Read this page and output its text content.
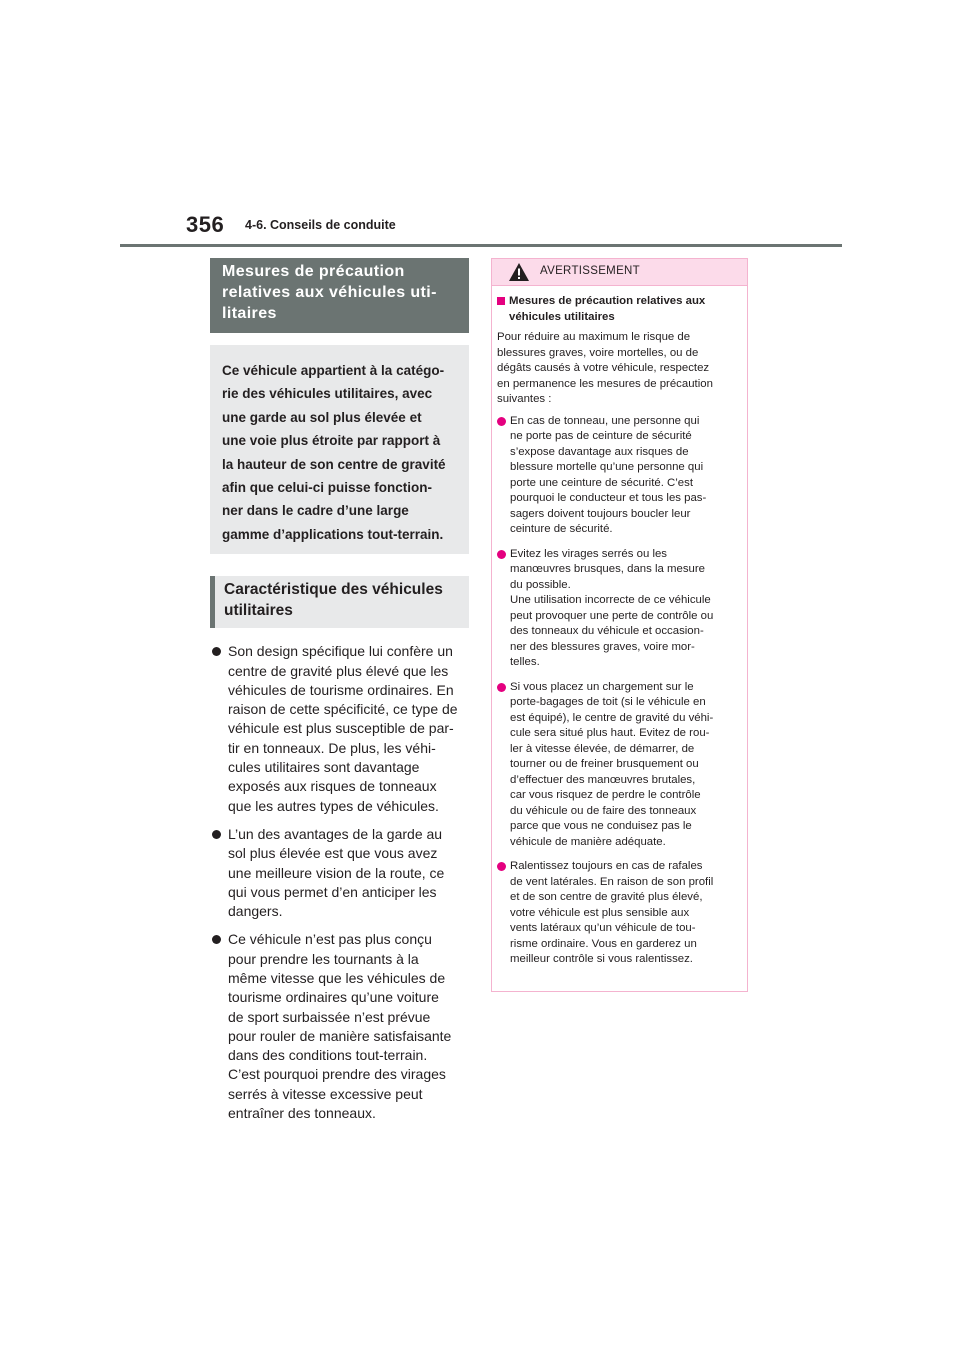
356 4-6. Conseils de conduite
Mesures de précaution
relatives aux véhicules uti-
litaires
Ce véhicule appartient à la catégo-
rie des véhicules utilitaires, avec
une garde au sol plus élevée et
une voie plus étroite par rapport à
la hauteur de son centre de gravité
afin que celui-ci puisse fonction-
ner dans le cadre d’une large
gamme d’applications tout-terrain.
Caractéristique des véhicules
utilitaires
Son design spécifique lui confère un
centre de gravité plus élevé que les
véhicules de tourisme ordinaires. En
raison de cette spécificité, ce type de
véhicule est plus susceptible de par-
tir en tonneaux. De plus, les véhi-
cules utilitaires sont davantage
exposés aux risques de tonneaux
que les autres types de véhicules.
L’un des avantages de la garde au
sol plus élevée est que vous avez
une meilleure vision de la route, ce
qui vous permet d’en anticiper les
dangers.
Ce véhicule n’est pas plus conçu
pour prendre les tournants à la
même vitesse que les véhicules de
tourisme ordinaires qu’une voiture
de sport surbaissée n’est prévue
pour rouler de manière satisfaisante
dans des conditions tout-terrain.
C’est pourquoi prendre des virages
serrés à vitesse excessive peut
entraîner des tonneaux.
AVERTISSEMENT
Mesures de précaution relatives aux
véhicules utilitaires
Pour réduire au maximum le risque de
blessures graves, voire mortelles, ou de
dégâts causés à votre véhicule, respectez
en permanence les mesures de précaution
suivantes :
En cas de tonneau, une personne qui
ne porte pas de ceinture de sécurité
s’expose davantage aux risques de
blessure mortelle qu’une personne qui
porte une ceinture de sécurité. C’est
pourquoi le conducteur et tous les pas-
sagers doivent toujours boucler leur
ceinture de sécurité.
Evitez les virages serrés ou les
manœuvres brusques, dans la mesure
du possible.
Une utilisation incorrecte de ce véhicule
peut provoquer une perte de contrôle ou
des tonneaux du véhicule et occasion-
ner des blessures graves, voire mor-
telles.
Si vous placez un chargement sur le
porte-bagages de toit (si le véhicule en
est équipé), le centre de gravité du véhi-
cule sera situé plus haut. Evitez de rou-
ler à vitesse élevée, de démarrer, de
tourner ou de freiner brusquement ou
d’effectuer des manœuvres brutales,
car vous risquez de perdre le contrôle
du véhicule ou de faire des tonneaux
parce que vous ne conduisez pas le
véhicule de manière adéquate.
Ralentissez toujours en cas de rafales
de vent latérales. En raison de son profil
et de son centre de gravité plus élevé,
votre véhicule est plus sensible aux
vents latéraux qu’un véhicule de tou-
risme ordinaire. Vous en garderez un
meilleur contrôle si vous ralentissez.
